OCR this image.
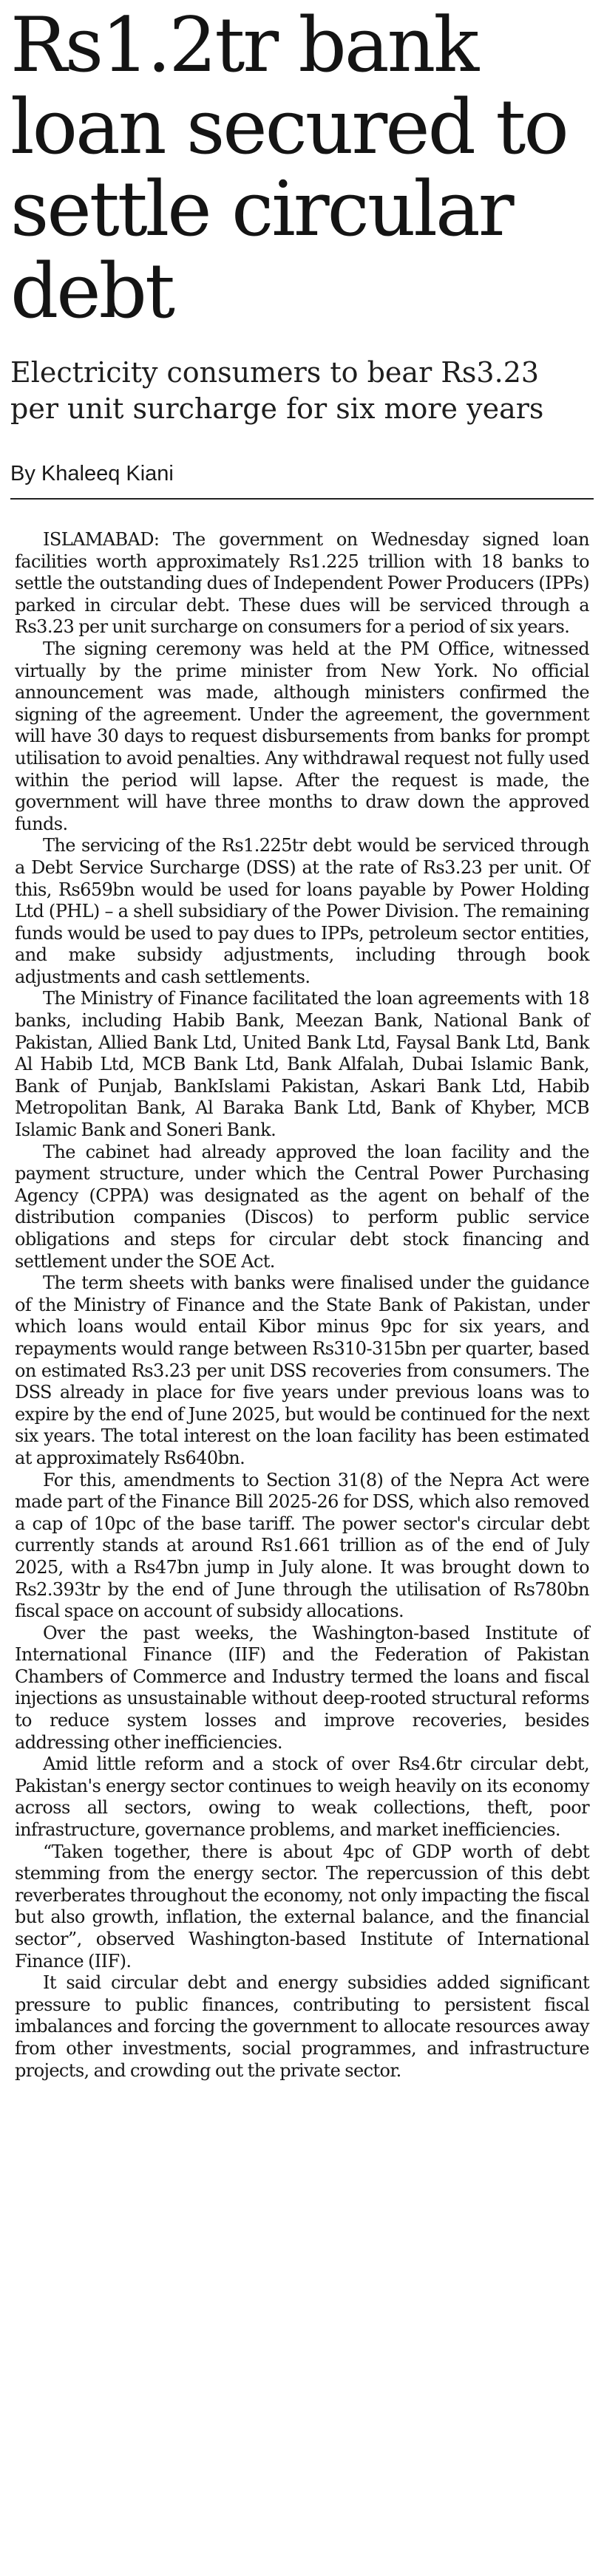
Rs1.2tr bank loan secured to settle circular debt
Electricity consumers to bear Rs3.23 per unit surcharge for six more years
By Khaleeq Kiani

ISLAMABAD: The government on Wednesday signed loan facilities worth approximately Rs1.225 trillion with 18 banks to settle the outstanding dues of Independent Power Producers (IPPs) parked in circular debt. These dues will be serviced through a Rs3.23 per unit surcharge on consumers for a period of six years.

The signing ceremony was held at the PM Office, witnessed virtually by the prime minister from New York. No official announcement was made, although ministers confirmed the signing of the agreement. Under the agreement, the government will have 30 days to request disbursements from banks for prompt utilisation to avoid penalties. Any withdrawal request not fully used within the period will lapse. After the request is made, the government will have three months to draw down the approved funds.

The servicing of the Rs1.225tr debt would be serviced through a Debt Service Surcharge (DSS) at the rate of Rs3.23 per unit. Of this, Rs659bn would be used for loans payable by Power Holding Ltd (PHL) – a shell subsidiary of the Power Division. The remaining funds would be used to pay dues to IPPs, petroleum sector entities, and make subsidy adjustments, including through book adjustments and cash settlements.

The Ministry of Finance facilitated the loan agreements with 18 banks, including Habib Bank, Meezan Bank, National Bank of Pakistan, Allied Bank Ltd, United Bank Ltd, Faysal Bank Ltd, Bank Al Habib Ltd, MCB Bank Ltd, Bank Alfalah, Dubai Islamic Bank, Bank of Punjab, BankIslami Pakistan, Askari Bank Ltd, Habib Metropolitan Bank, Al Baraka Bank Ltd, Bank of Khyber, MCB Islamic Bank and Soneri Bank.

The cabinet had already approved the loan facility and the payment structure, under which the Central Power Purchasing Agency (CPPA) was designated as the agent on behalf of the distribution companies (Discos) to perform public service obligations and steps for circular debt stock financing and settlement under the SOE Act.

The term sheets with banks were finalised under the guidance of the Ministry of Finance and the State Bank of Pakistan, under which loans would entail Kibor minus 9pc for six years, and repayments would range between Rs310-315bn per quarter, based on estimated Rs3.23 per unit DSS recoveries from consumers. The DSS already in place for five years under previous loans was to expire by the end of June 2025, but would be continued for the next six years. The total interest on the loan facility has been estimated at approximately Rs640bn.

For this, amendments to Section 31(8) of the Nepra Act were made part of the Finance Bill 2025-26 for DSS, which also removed a cap of 10pc of the base tariff. The power sector's circular debt currently stands at around Rs1.661 trillion as of the end of July 2025, with a Rs47bn jump in July alone. It was brought down to Rs2.393tr by the end of June through the utilisation of Rs780bn fiscal space on account of subsidy allocations.

Over the past weeks, the Washington-based Institute of International Finance (IIF) and the Federation of Pakistan Chambers of Commerce and Industry termed the loans and fiscal injections as unsustainable without deep-rooted structural reforms to reduce system losses and improve recoveries, besides addressing other inefficiencies.

Amid little reform and a stock of over Rs4.6tr circular debt, Pakistan's energy sector continues to weigh heavily on its economy across all sectors, owing to weak collections, theft, poor infrastructure, governance problems, and market inefficiencies.

“Taken together, there is about 4pc of GDP worth of debt stemming from the energy sector. The repercussion of this debt reverberates throughout the economy, not only impacting the fiscal but also growth, inflation, the external balance, and the financial sector”, observed Washington-based Institute of International Finance (IIF).

It said circular debt and energy subsidies added significant pressure to public finances, contributing to persistent fiscal imbalances and forcing the government to allocate resources away from other investments, social programmes, and infrastructure projects, and crowding out the private sector.
